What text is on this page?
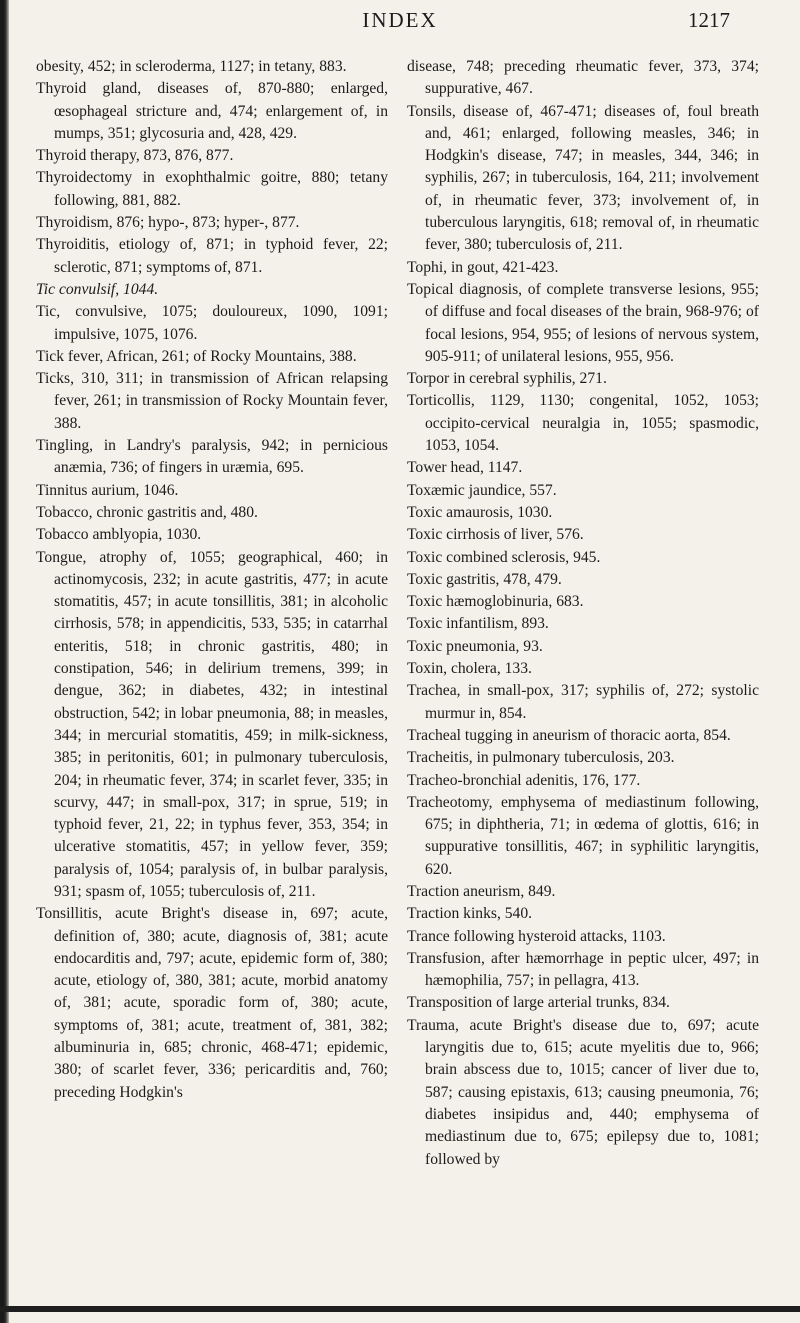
INDEX	1217

obesity, 452; in scleroderma, 1127; in tetany, 883.

Thyroid gland, diseases of, 870-880; enlarged, œsophageal stricture and, 474; enlargement of, in mumps, 351; glycosuria and, 428, 429.

Thyroid therapy, 873, 876, 877.

Thyroidectomy in exophthalmic goitre, 880; tetany following, 881, 882.

Thyroidism, 876; hypo-, 873; hyper-, 877.

Thyroiditis, etiology of, 871; in typhoid fever, 22; sclerotic, 871; symptoms of, 871.

Tic convulsif, 1044.

Tic, convulsive, 1075; douloureux, 1090, 1091; impulsive, 1075, 1076.

Tick fever, African, 261; of Rocky Mountains, 388.

Ticks, 310, 311; in transmission of African relapsing fever, 261; in transmission of Rocky Mountain fever, 388.

Tingling, in Landry's paralysis, 942; in pernicious anæmia, 736; of fingers in uræmia, 695.

Tinnitus aurium, 1046.

Tobacco, chronic gastritis and, 480.

Tobacco amblyopia, 1030.

Tongue, atrophy of, 1055; geographical, 460; in actinomycosis, 232; in acute gastritis, 477; in acute stomatitis, 457; in acute tonsillitis, 381; in alcoholic cirrhosis, 578; in appendicitis, 533, 535; in catarrhal enteritis, 518; in chronic gastritis, 480; in constipation, 546; in delirium tremens, 399; in dengue, 362; in diabetes, 432; in intestinal obstruction, 542; in lobar pneumonia, 88; in measles, 344; in mercurial stomatitis, 459; in milk-sickness, 385; in peritonitis, 601; in pulmonary tuberculosis, 204; in rheumatic fever, 374; in scarlet fever, 335; in scurvy, 447; in small-pox, 317; in sprue, 519; in typhoid fever, 21, 22; in typhus fever, 353, 354; in ulcerative stomatitis, 457; in yellow fever, 359; paralysis of, 1054; paralysis of, in bulbar paralysis, 931; spasm of, 1055; tuberculosis of, 211.

Tonsillitis, acute Bright's disease in, 697; acute, definition of, 380; acute, diagnosis of, 381; acute endocarditis and, 797; acute, epidemic form of, 380; acute, etiology of, 380, 381; acute, morbid anatomy of, 381; acute, sporadic form of, 380; acute, symptoms of, 381; acute, treatment of, 381, 382; albuminuria in, 685; chronic, 468-471; epidemic, 380; of scarlet fever, 336; pericarditis and, 760; preceding Hodgkin's

disease, 748; preceding rheumatic fever, 373, 374; suppurative, 467.

Tonsils, disease of, 467-471; diseases of, foul breath and, 461; enlarged, following measles, 346; in Hodgkin's disease, 747; in measles, 344, 346; in syphilis, 267; in tuberculosis, 164, 211; involvement of, in rheumatic fever, 373; involvement of, in tuberculous laryngitis, 618; removal of, in rheumatic fever, 380; tuberculosis of, 211.

Tophi, in gout, 421-423.

Topical diagnosis, of complete transverse lesions, 955; of diffuse and focal diseases of the brain, 968-976; of focal lesions, 954, 955; of lesions of nervous system, 905-911; of unilateral lesions, 955, 956.

Torpor in cerebral syphilis, 271.

Torticollis, 1129, 1130; congenital, 1052, 1053; occipito-cervical neuralgia in, 1055; spasmodic, 1053, 1054.

Tower head, 1147.

Toxæmic jaundice, 557.

Toxic amaurosis, 1030.

Toxic cirrhosis of liver, 576.

Toxic combined sclerosis, 945.

Toxic gastritis, 478, 479.

Toxic hæmoglobinuria, 683.

Toxic infantilism, 893.

Toxic pneumonia, 93.

Toxin, cholera, 133.

Trachea, in small-pox, 317; syphilis of, 272; systolic murmur in, 854.

Tracheal tugging in aneurism of thoracic aorta, 854.

Tracheitis, in pulmonary tuberculosis, 203.

Tracheo-bronchial adenitis, 176, 177.

Tracheotomy, emphysema of mediastinum following, 675; in diphtheria, 71; in œdema of glottis, 616; in suppurative tonsillitis, 467; in syphilitic laryngitis, 620.

Traction aneurism, 849.

Traction kinks, 540.

Trance following hysteroid attacks, 1103.

Transfusion, after hæmorrhage in peptic ulcer, 497; in hæmophilia, 757; in pellagra, 413.

Transposition of large arterial trunks, 834.

Trauma, acute Bright's disease due to, 697; acute laryngitis due to, 615; acute myelitis due to, 966; brain abscess due to, 1015; cancer of liver due to, 587; causing epistaxis, 613; causing pneumonia, 76; diabetes insipidus and, 440; emphysema of mediastinum due to, 675; epilepsy due to, 1081; followed by
